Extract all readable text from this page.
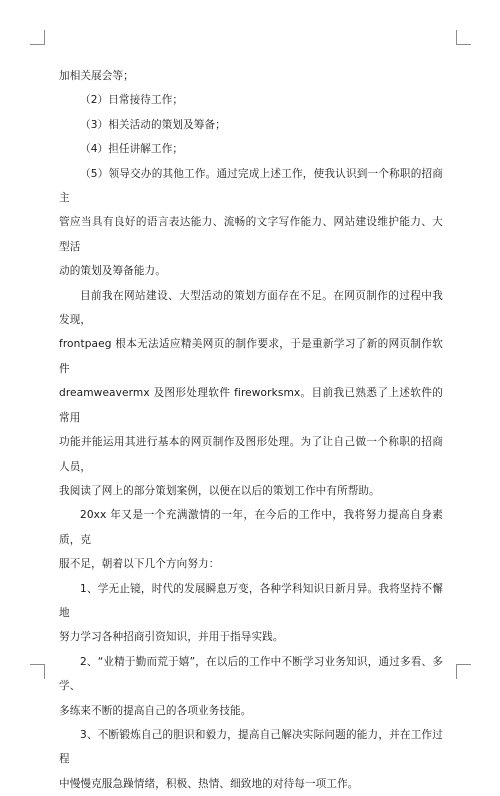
加相关展会等；

（2）日常接待工作；

（3）相关活动的策划及筹备；

（4）担任讲解工作；

（5）领导交办的其他工作。通过完成上述工作，使我认识到一个称职的招商主
管应当具有良好的语言表达能力、流畅的文字写作能力、网站建设维护能力、大型活
动的策划及筹备能力。

目前我在网站建设、大型活动的策划方面存在不足。在网页制作的过程中我发现，
frontpaeg 根本无法适应精美网页的制作要求，于是重新学习了新的网页制作软件
dreamweavermx 及图形处理软件 fireworksmx。目前我已熟悉了上述软件的常用
功能并能运用其进行基本的网页制作及图形处理。为了让自己做一个称职的招商人员，
我阅读了网上的部分策划案例，以便在以后的策划工作中有所帮助。

20xx 年又是一个充满激情的一年，在今后的工作中，我将努力提高自身素质，克
服不足，朝着以下几个方向努力：

1、学无止镜，时代的发展瞬息万变，各种学科知识日新月异。我将坚持不懈地
努力学习各种招商引资知识，并用于指导实践。

2、“业精于勤而荒于嬉”，在以后的工作中不断学习业务知识，通过多看、多学、
多练来不断的提高自己的各项业务技能。

3、不断锻炼自己的胆识和毅力，提高自己解决实际问题的能力，并在工作过程
中慢慢克服急躁情绪，积极、热情、细致地的对待每一项工作。
